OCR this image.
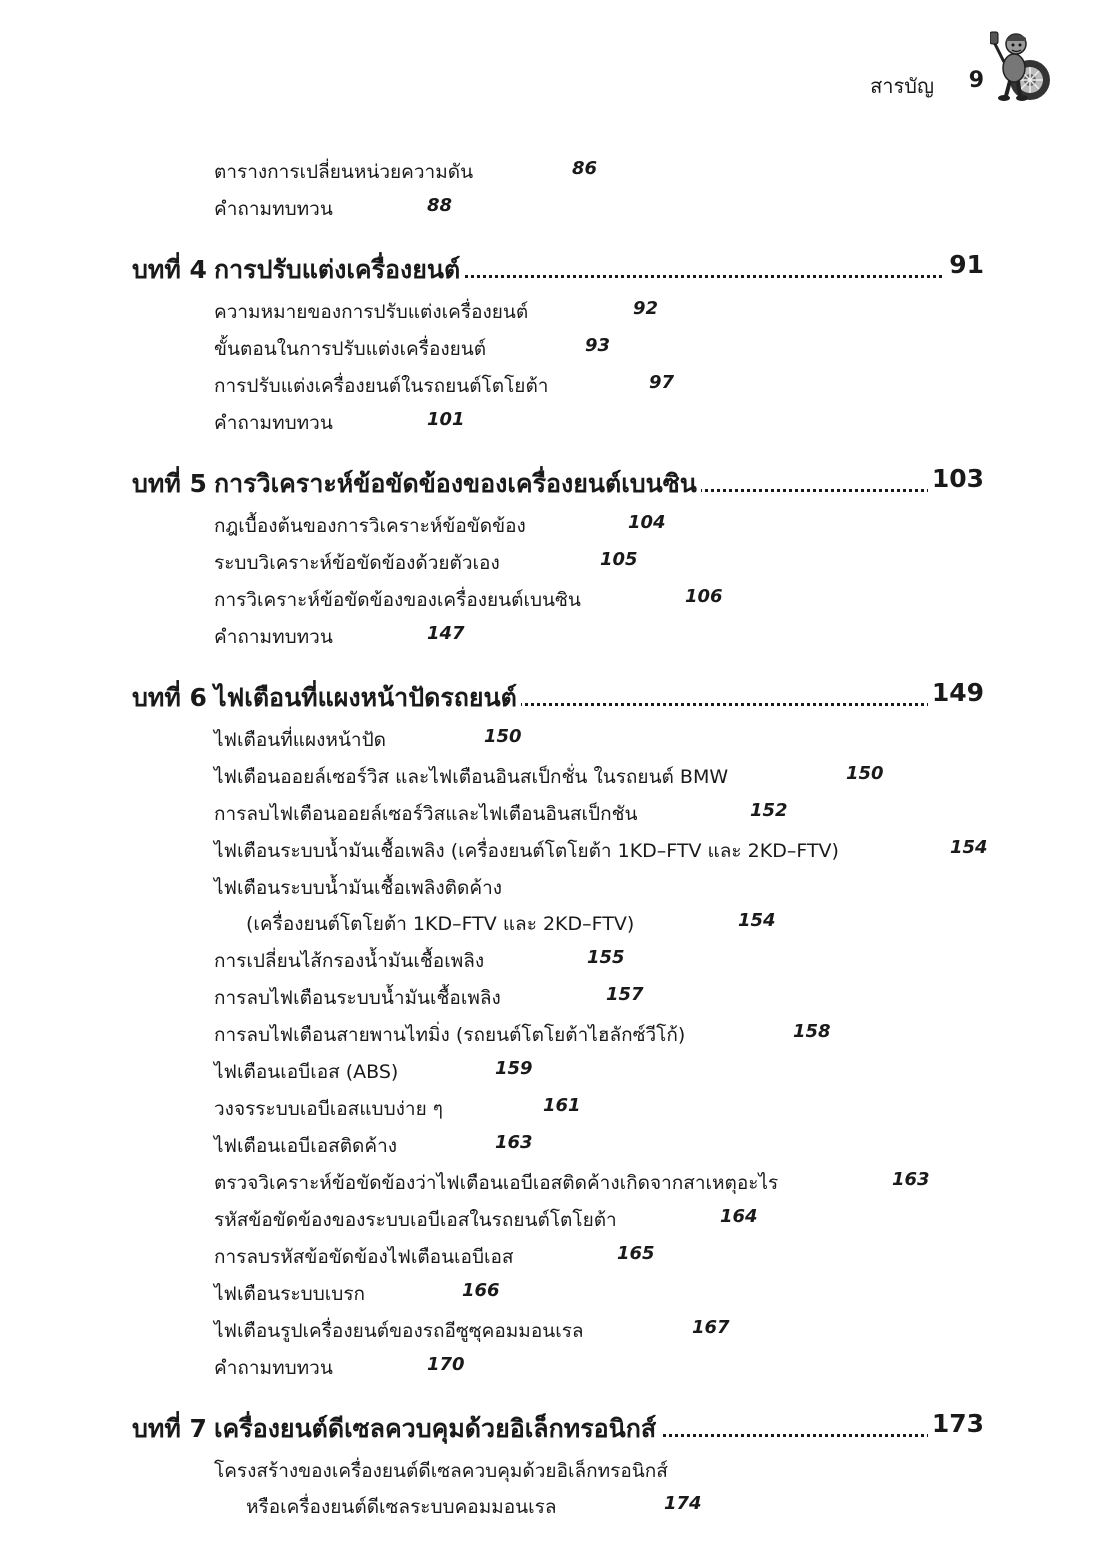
สารบัญ 9
ตารางการเปลี่ยนหน่วยความดัน	86
คำถามทบทวน	88
บทที่ 4 การปรับแต่งเครื่องยนต์	91
ความหมายของการปรับแต่งเครื่องยนต์	92
ขั้นตอนในการปรับแต่งเครื่องยนต์	93
การปรับแต่งเครื่องยนต์ในรถยนต์โตโยต้า	97
คำถามทบทวน	101
บทที่ 5 การวิเคราะห์ข้อขัดข้องของเครื่องยนต์เบนซิน	103
กฎเบื้องต้นของการวิเคราะห์ข้อขัดข้อง	104
ระบบวิเคราะห์ข้อขัดข้องด้วยตัวเอง	105
การวิเคราะห์ข้อขัดข้องของเครื่องยนต์เบนซิน	106
คำถามทบทวน	147
บทที่ 6 ไฟเตือนที่แผงหน้าปัดรถยนต์	149
ไฟเตือนที่แผงหน้าปัด	150
ไฟเตือนออยล์เซอร์วิส และไฟเตือนอินสเป็กชั่น ในรถยนต์ BMW	150
การลบไฟเตือนออยล์เซอร์วิสและไฟเตือนอินสเป็กชัน	152
ไฟเตือนระบบน้ำมันเชื้อเพลิง (เครื่องยนต์โตโยต้า 1KD–FTV และ 2KD–FTV)	154
ไฟเตือนระบบน้ำมันเชื้อเพลิงติดค้าง
(เครื่องยนต์โตโยต้า 1KD–FTV และ 2KD–FTV)	154
การเปลี่ยนไส้กรองน้ำมันเชื้อเพลิง	155
การลบไฟเตือนระบบน้ำมันเชื้อเพลิง	157
การลบไฟเตือนสายพานไทมิ่ง (รถยนต์โตโยต้าไฮลักซ์วีโก้)	158
ไฟเตือนเอบีเอส (ABS)	159
วงจรระบบเอบีเอสแบบง่าย ๆ	161
ไฟเตือนเอบีเอสติดค้าง	163
ตรวจวิเคราะห์ข้อขัดข้องว่าไฟเตือนเอบีเอสติดค้างเกิดจากสาเหตุอะไร	163
รหัสข้อขัดข้องของระบบเอบีเอสในรถยนต์โตโยต้า	164
การลบรหัสข้อขัดข้องไฟเตือนเอบีเอส	165
ไฟเตือนระบบเบรก	166
ไฟเตือนรูปเครื่องยนต์ของรถอีซูซุคอมมอนเรล	167
คำถามทบทวน	170
บทที่ 7 เครื่องยนต์ดีเซลควบคุมด้วยอิเล็กทรอนิกส์	173
โครงสร้างของเครื่องยนต์ดีเซลควบคุมด้วยอิเล็กทรอนิกส์
หรือเครื่องยนต์ดีเซลระบบคอมมอนเรล	174
